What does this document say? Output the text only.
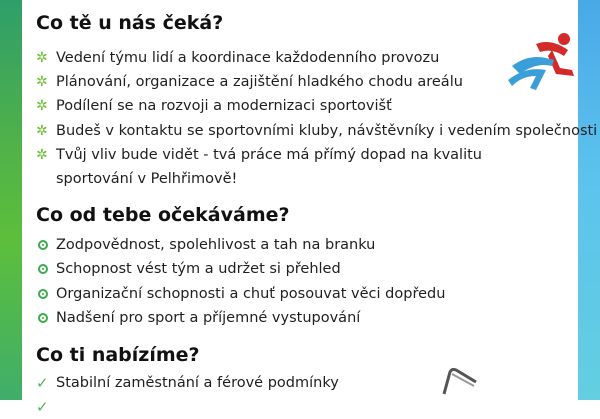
Co tě u nás čeká?
✲ Vedení týmu lidí a koordinace každodenního provozu
✲ Plánování, organizace a zajištění hladkého chodu areálu
✲ Podílení se na rozvoji a modernizaci sportovišť
✲ Budeš v kontaktu se sportovními kluby, návštěvníky i vedením společnosti
✲ Tvůj vliv bude vidět - tvá práce má přímý dopad na kvalitu
sportování v Pelhřimově!
Co od tebe očekáváme?
Zodpovědnost, spolehlivost a tah na branku
Schopnost vést tým a udržet si přehled
Organizační schopnosti a chuť posouvat věci dopředu
Nadšení pro sport a příjemné vystupování
Co ti nabízíme?
✓ Stabilní zaměstnání a férové podmínky
✓
